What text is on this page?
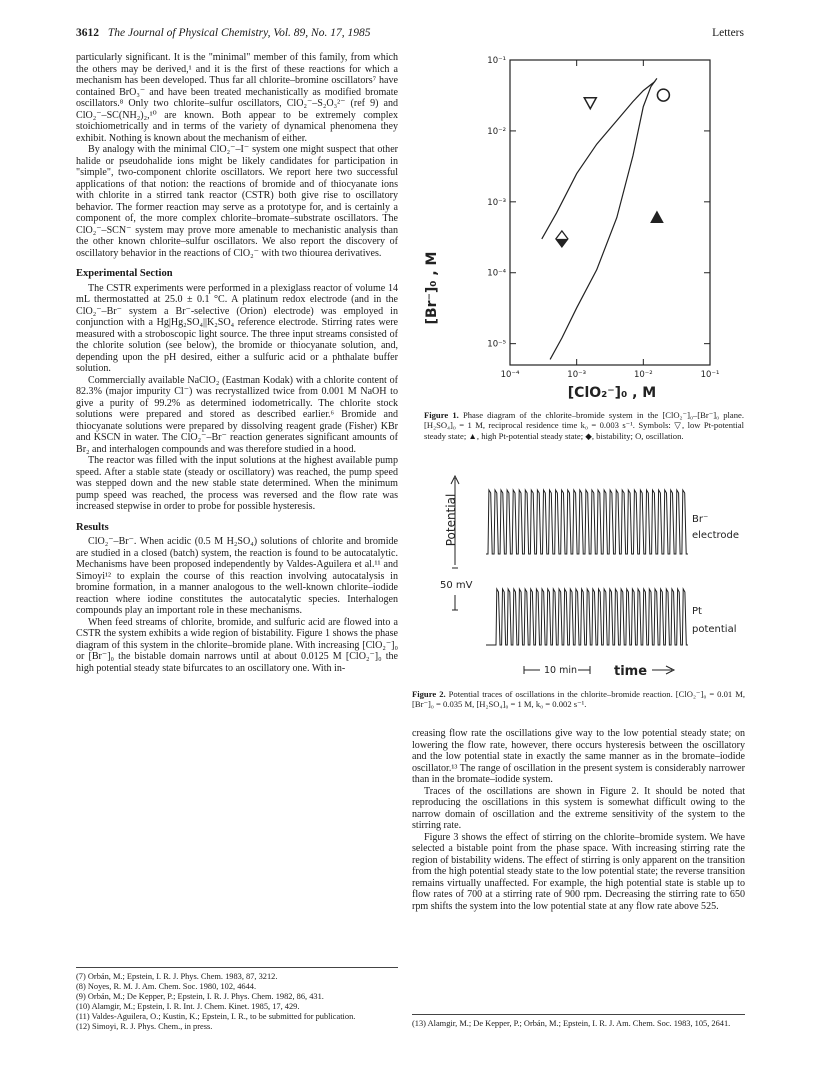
3612 The Journal of Physical Chemistry, Vol. 89, No. 17, 1985	Letters

particularly significant. It is the "minimal" member of this family, from which the others may be derived,¹ and it is the first of these reactions for which a mechanism has been developed. Thus far all chlorite–bromine oscillators⁷ have contained BrO₃⁻ and have been treated mechanistically as modified bromate oscillators.⁸ Only two chlorite–sulfur oscillators, ClO₂⁻–S₂O₃²⁻ (ref 9) and ClO₂⁻–SC(NH₂)₂,¹⁰ are known. Both appear to be extremely complex stoichiometrically and in terms of the variety of dynamical phenomena they exhibit. Nothing is known about the mechanism of either.

By analogy with the minimal ClO₂⁻–I⁻ system one might suspect that other halide or pseudohalide ions might be likely candidates for participation in "simple", two-component chlorite oscillators. We report here two successful applications of that notion: the reactions of bromide and of thiocyanate ions with chlorite in a stirred tank reactor (CSTR) both give rise to oscillatory behavior. The former reaction may serve as a prototype for, and is certainly a component of, the more complex chlorite–bromate–substrate oscillators. The ClO₂⁻–SCN⁻ system may prove more amenable to mechanistic analysis than the other known chlorite–sulfur oscillators. We also report the discovery of oscillatory behavior in the reactions of ClO₂⁻ with two thiourea derivatives.

Experimental Section

The CSTR experiments were performed in a plexiglass reactor of volume 14 mL thermostatted at 25.0 ± 0.1 °C. A platinum redox electrode (and in the ClO₂⁻–Br⁻ system a Br⁻-selective (Orion) electrode) was employed in conjunction with a Hg|Hg₂SO₄||K₂SO₄ reference electrode. Stirring rates were measured with a stroboscopic light source. The three input streams consisted of the chlorite solution (see below), the bromide or thiocyanate solution, and, depending upon the pH desired, either a sulfuric acid or a phthalate buffer solution.

Commercially available NaClO₂ (Eastman Kodak) with a chlorite content of 82.3% (major impurity Cl⁻) was recrystallized twice from 0.001 M NaOH to give a purity of 99.2% as determined iodometrically. The chlorite stock solutions were prepared and stored as described earlier.⁶ Bromide and thiocyanate solutions were prepared by dissolving reagent grade (Fisher) KBr and KSCN in water. The ClO₂⁻–Br⁻ reaction generates significant amounts of Br₂ and interhalogen compounds and was therefore studied in a hood.

The reactor was filled with the input solutions at the highest available pump speed. After a stable state (steady or oscillatory) was reached, the pump speed was stepped down and the new stable state determined. When the minimum pump speed was reached, the process was reversed and the flow rate was increased stepwise in order to probe for possible hysteresis.

Results

ClO₂⁻–Br⁻. When acidic (0.5 M H₂SO₄) solutions of chlorite and bromide are studied in a closed (batch) system, the reaction is found to be autocatalytic. Mechanisms have been proposed independently by Valdes-Aguilera et al.¹¹ and Simoyi¹² to explain the course of this reaction involving autocatalysis in bromine formation, in a manner analogous to the well-known chlorite–iodide reaction where iodine constitutes the autocatalytic species. Interhalogen compounds play an important role in these mechanisms.

When feed streams of chlorite, bromide, and sulfuric acid are flowed into a CSTR the system exhibits a wide region of bistability. Figure 1 shows the phase diagram of this system in the chlorite–bromide plane. With increasing [ClO₂⁻]₀ or [Br⁻]₀ the bistable domain narrows until at about 0.0125 M [ClO₂⁻]₀ the high potential steady state bifurcates to an oscillatory one. With in-

(7) Orbán, M.; Epstein, I. R. J. Phys. Chem. 1983, 87, 3212.
(8) Noyes, R. M. J. Am. Chem. Soc. 1980, 102, 4644.
(9) Orbán, M.; De Kepper, P.; Epstein, I. R. J. Phys. Chem. 1982, 86, 431.
(10) Alamgir, M.; Epstein, I. R. Int. J. Chem. Kinet. 1985, 17, 429.
(11) Valdes-Aguilera, O.; Kustin, K.; Epstein, I. R., to be submitted for publication.
(12) Simoyi, R. J. Phys. Chem., in press.
10⁻¹
10⁻²
10⁻³
10⁻⁴
10⁻⁵
10⁻⁴	10⁻³	10⁻²	10⁻¹
[Br⁻]₀ , M
[ClO₂⁻]₀ , M
Potential
50 mV
Br⁻
electrode
Pt
potential
10 min	time
Figure 1. Phase diagram of the chlorite–bromide system in the [ClO₂⁻]₀–[Br⁻]₀ plane. [H₂SO₄]₀ = 1 M, reciprocal residence time k₀ = 0.003 s⁻¹. Symbols: ▽, low Pt-potential steady state; ▲, high Pt-potential steady state; ◆, bistability; O, oscillation.
Figure 2. Potential traces of oscillations in the chlorite–bromide reaction. [ClO₂⁻]₀ = 0.01 M, [Br⁻]₀ = 0.035 M, [H₂SO₄]₀ = 1 M, k₀ = 0.002 s⁻¹.

creasing flow rate the oscillations give way to the low potential steady state; on lowering the flow rate, however, there occurs hysteresis between the oscillatory and the low potential state in exactly the same manner as in the bromate–iodide oscillator.¹³ The range of oscillation in the present system is considerably narrower than in the bromate–iodide system.

Traces of the oscillations are shown in Figure 2. It should be noted that reproducing the oscillations in this system is somewhat difficult owing to the narrow domain of oscillation and the extreme sensitivity of the system to the stirring rate.

Figure 3 shows the effect of stirring on the chlorite–bromide system. We have selected a bistable point from the phase space. With increasing stirring rate the region of bistability widens. The effect of stirring is only apparent on the transition from the high potential steady state to the low potential state; the reverse transition remains virtually unaffected. For example, the high potential state is stable up to flow rates of 700 at a stirring rate of 900 rpm. Decreasing the stirring rate to 650 rpm shifts the system into the low potential state at any flow rate above 525.

(13) Alamgir, M.; De Kepper, P.; Orbán, M.; Epstein, I. R. J. Am. Chem. Soc. 1983, 105, 2641.
